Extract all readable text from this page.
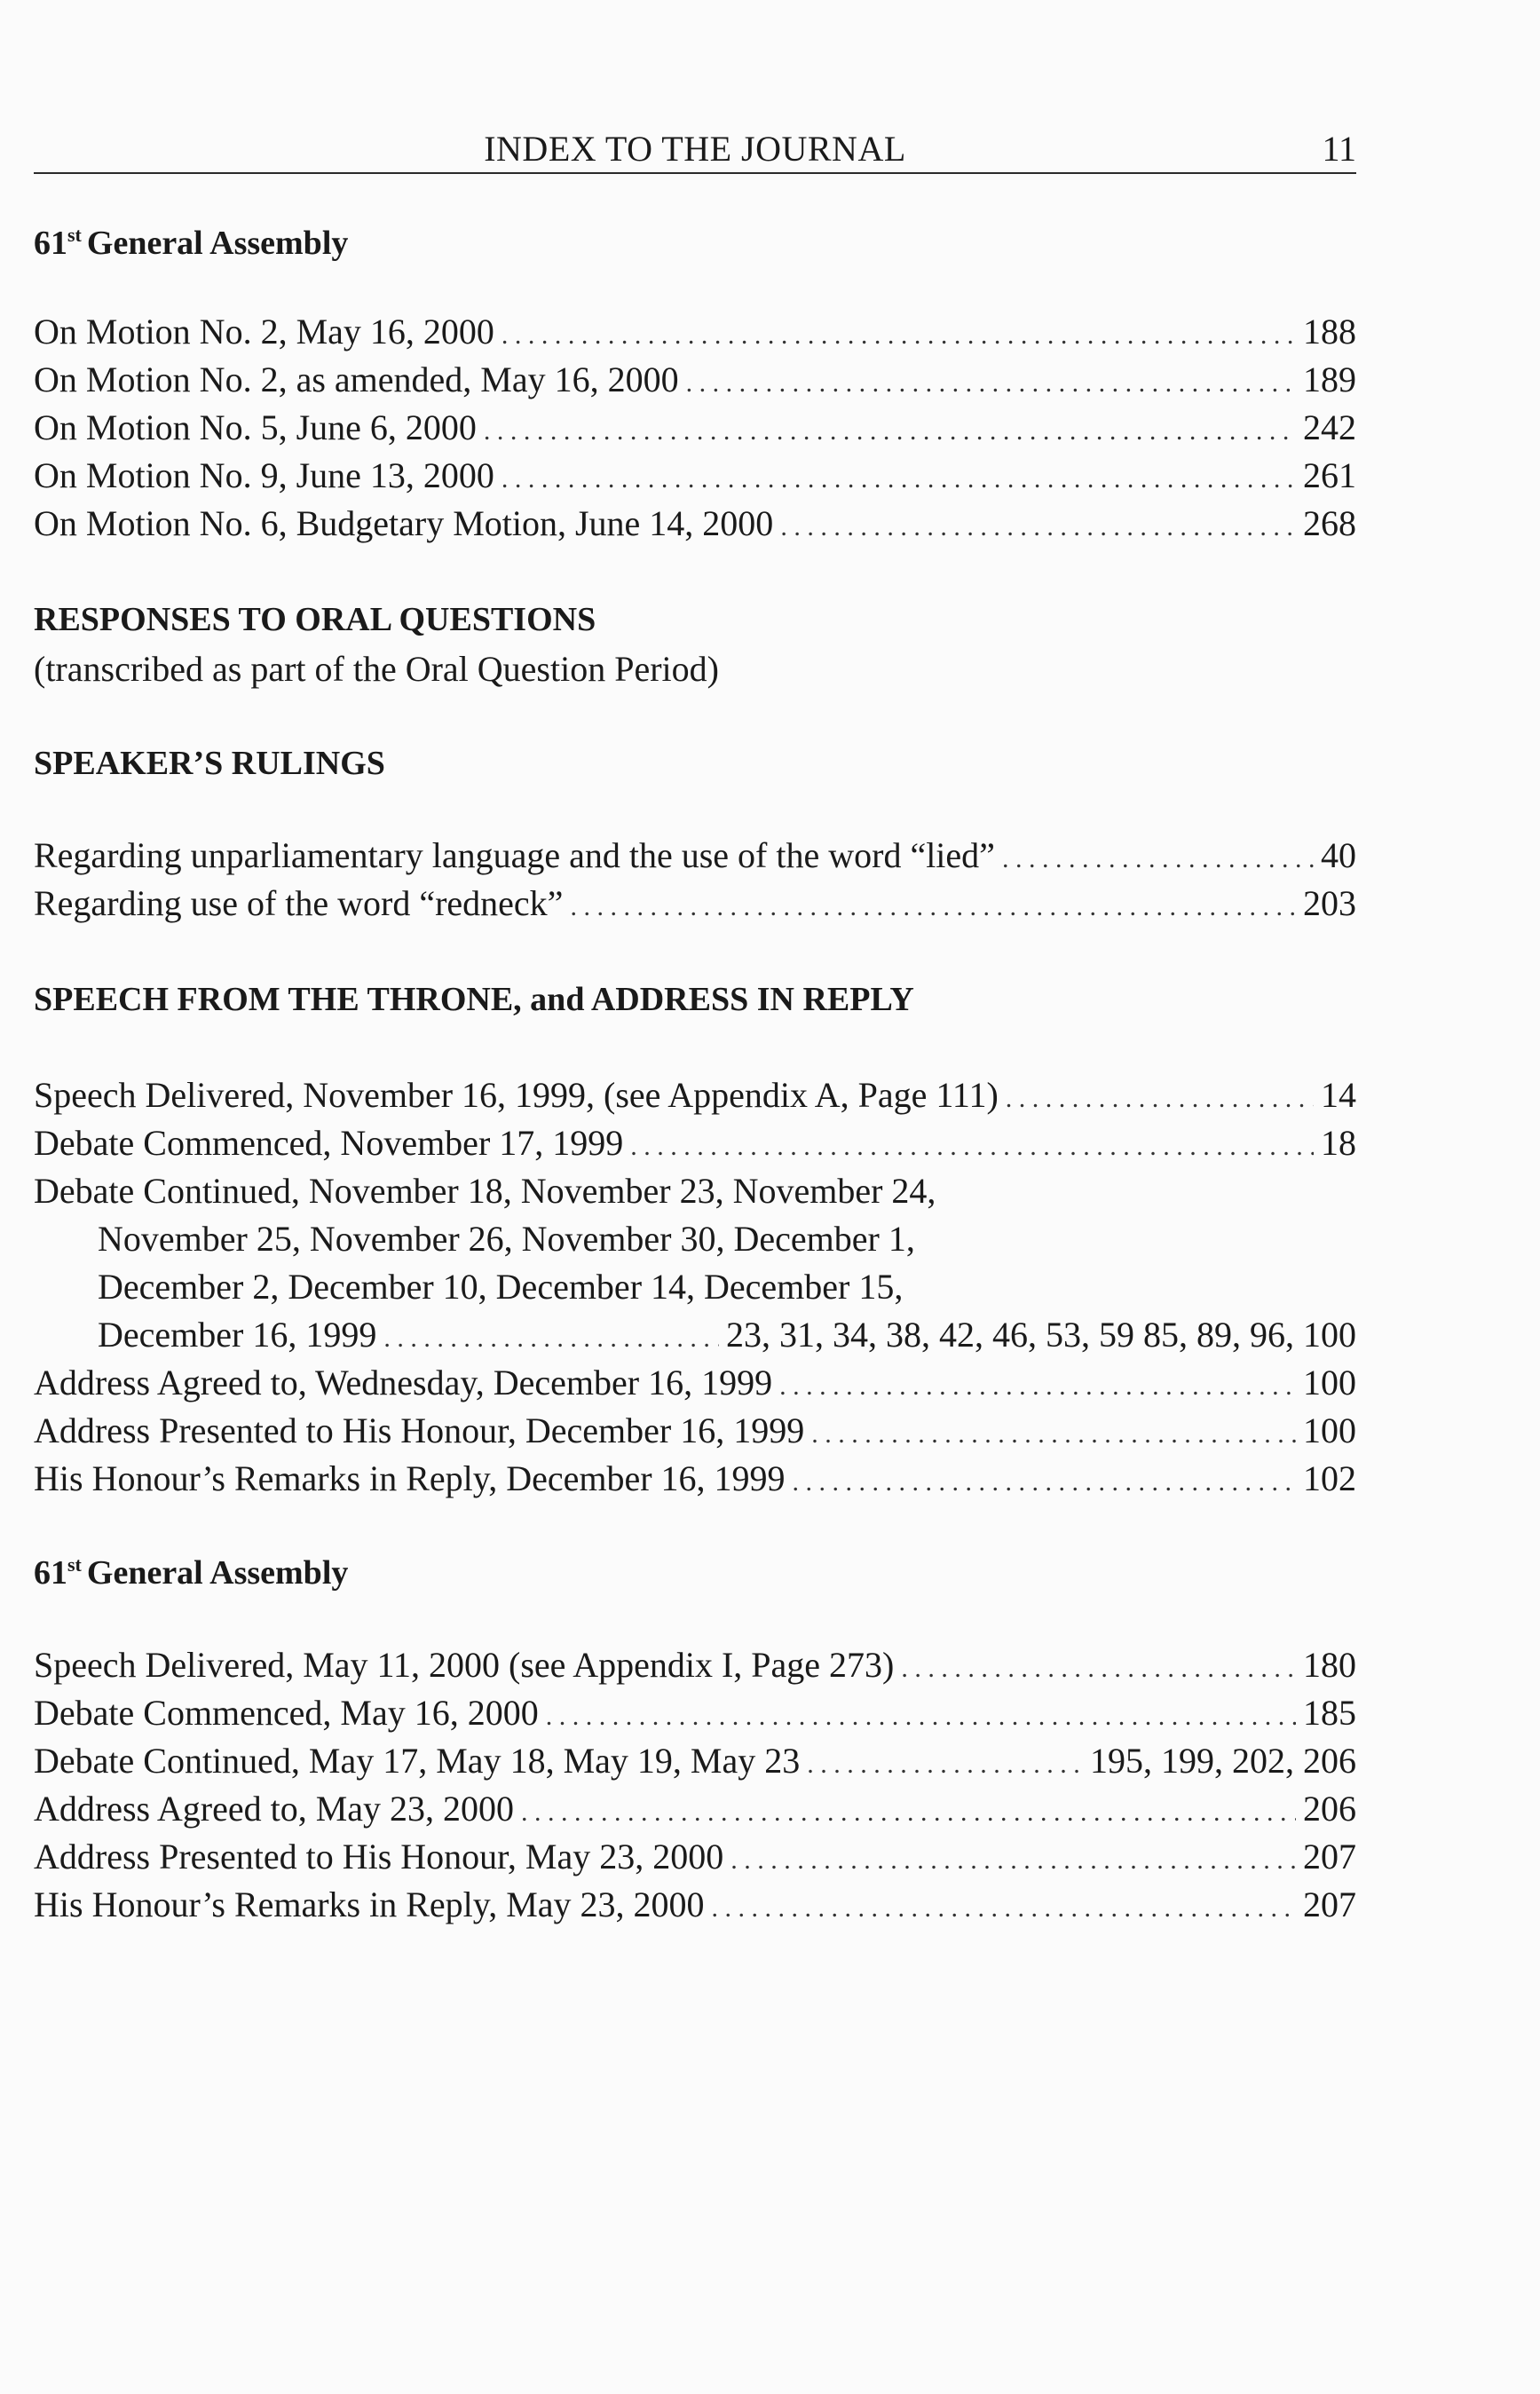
INDEX TO THE JOURNAL	11
61st General Assembly
On Motion No. 2, May 16, 2000 . . .	188
On Motion No. 2, as amended, May 16, 2000 . . .	189
On Motion No. 5, June 6, 2000 . . .	242
On Motion No. 9, June 13, 2000 . . .	261
On Motion No. 6, Budgetary Motion, June 14, 2000 . . .	268
RESPONSES TO ORAL QUESTIONS
(transcribed as part of the Oral Question Period)
SPEAKER’S RULINGS
Regarding unparliamentary language and the use of the word “lied” . . .	40
Regarding use of the word “redneck” . . .	203
SPEECH FROM THE THRONE, and ADDRESS IN REPLY
Speech Delivered, November 16, 1999, (see Appendix A, Page 111) . . .	14
Debate Commenced, November 17, 1999 . . .	18
Debate Continued, November 18, November 23, November 24,
November 25, November 26, November 30, December 1,
December 2, December 10, December 14, December 15,
December 16, 1999 . . .	23, 31, 34, 38, 42, 46, 53, 59 85, 89, 96, 100
Address Agreed to, Wednesday, December 16, 1999 . . .	100
Address Presented to His Honour, December 16, 1999 . . .	100
His Honour’s Remarks in Reply, December 16, 1999 . . .	102
61st General Assembly
Speech Delivered, May 11, 2000 (see Appendix I, Page 273) . . .	180
Debate Commenced, May 16, 2000 . . .	185
Debate Continued, May 17, May 18, May 19, May 23 . . .	195, 199, 202, 206
Address Agreed to, May 23, 2000 . . .	206
Address Presented to His Honour, May 23, 2000 . . .	207
His Honour’s Remarks in Reply, May 23, 2000 . . .	207
